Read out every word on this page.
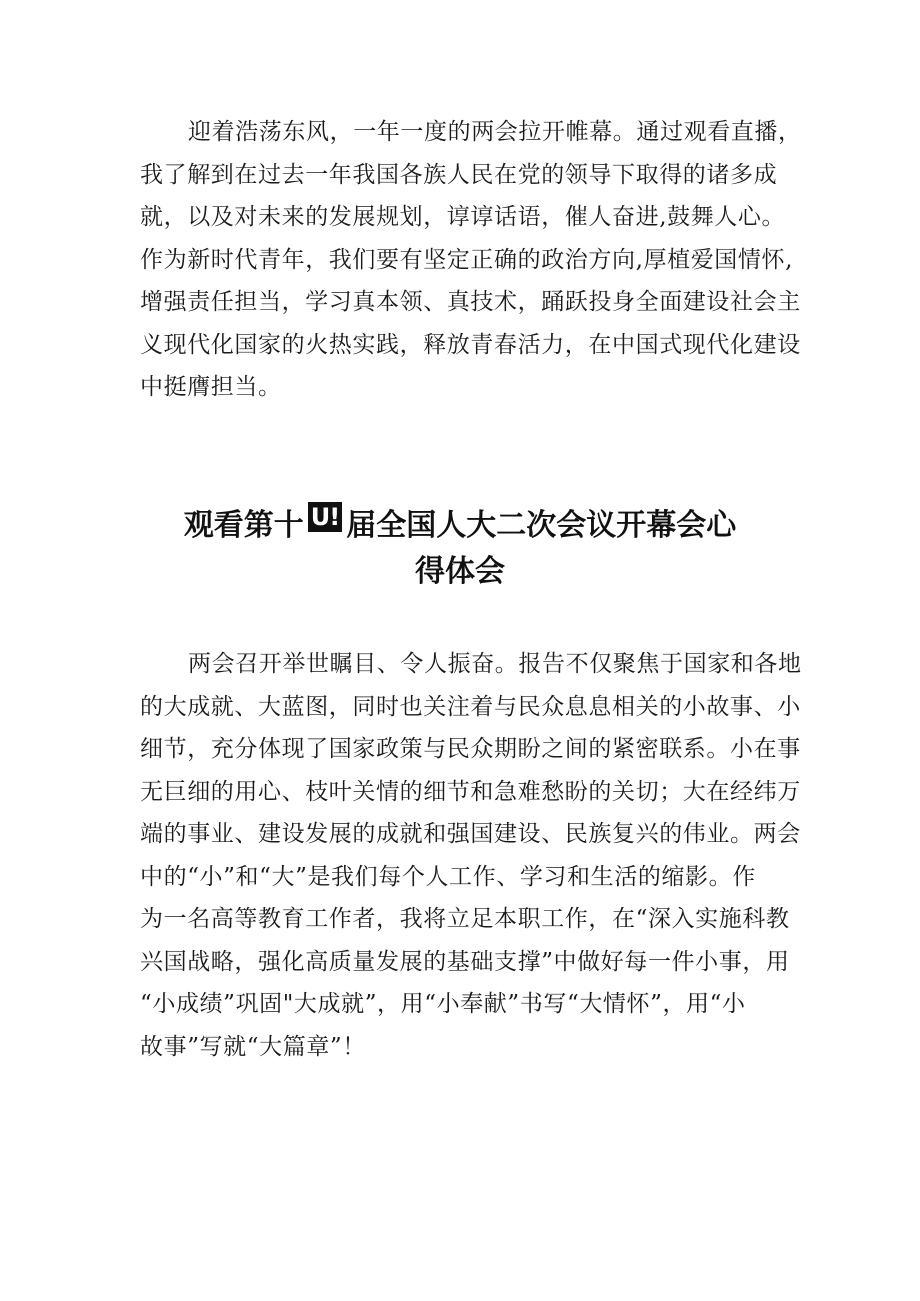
迎着浩荡东风，一年一度的两会拉开帷幕。通过观看直播，
我了解到在过去一年我国各族人民在党的领导下取得的诸多成
就，以及对未来的发展规划，谆谆话语，催人奋进,鼓舞人心。
作为新时代青年，我们要有坚定正确的政治方向,厚植爱国情怀,
增强责任担当，学习真本领、真技术，踊跃投身全面建设社会主
义现代化国家的火热实践，释放青春活力，在中国式现代化建设
中挺膺担当。
观看第十 U! 届全国人大二次会议开幕会心
得体会
两会召开举世瞩目、令人振奋。报告不仅聚焦于国家和各地
的大成就、大蓝图，同时也关注着与民众息息相关的小故事、小
细节，充分体现了国家政策与民众期盼之间的紧密联系。小在事
无巨细的用心、枝叶关情的细节和急难愁盼的关切；大在经纬万
端的事业、建设发展的成就和强国建设、民族复兴的伟业。两会
中的“小”和“大”是我们每个人工作、学习和生活的缩影。作
为一名高等教育工作者，我将立足本职工作，在“深入实施科教
兴国战略，强化高质量发展的基础支撑”中做好每一件小事，用
“小成绩”巩固"大成就”，用“小奉献”书写“大情怀”，用“小
故事”写就“大篇章”！
